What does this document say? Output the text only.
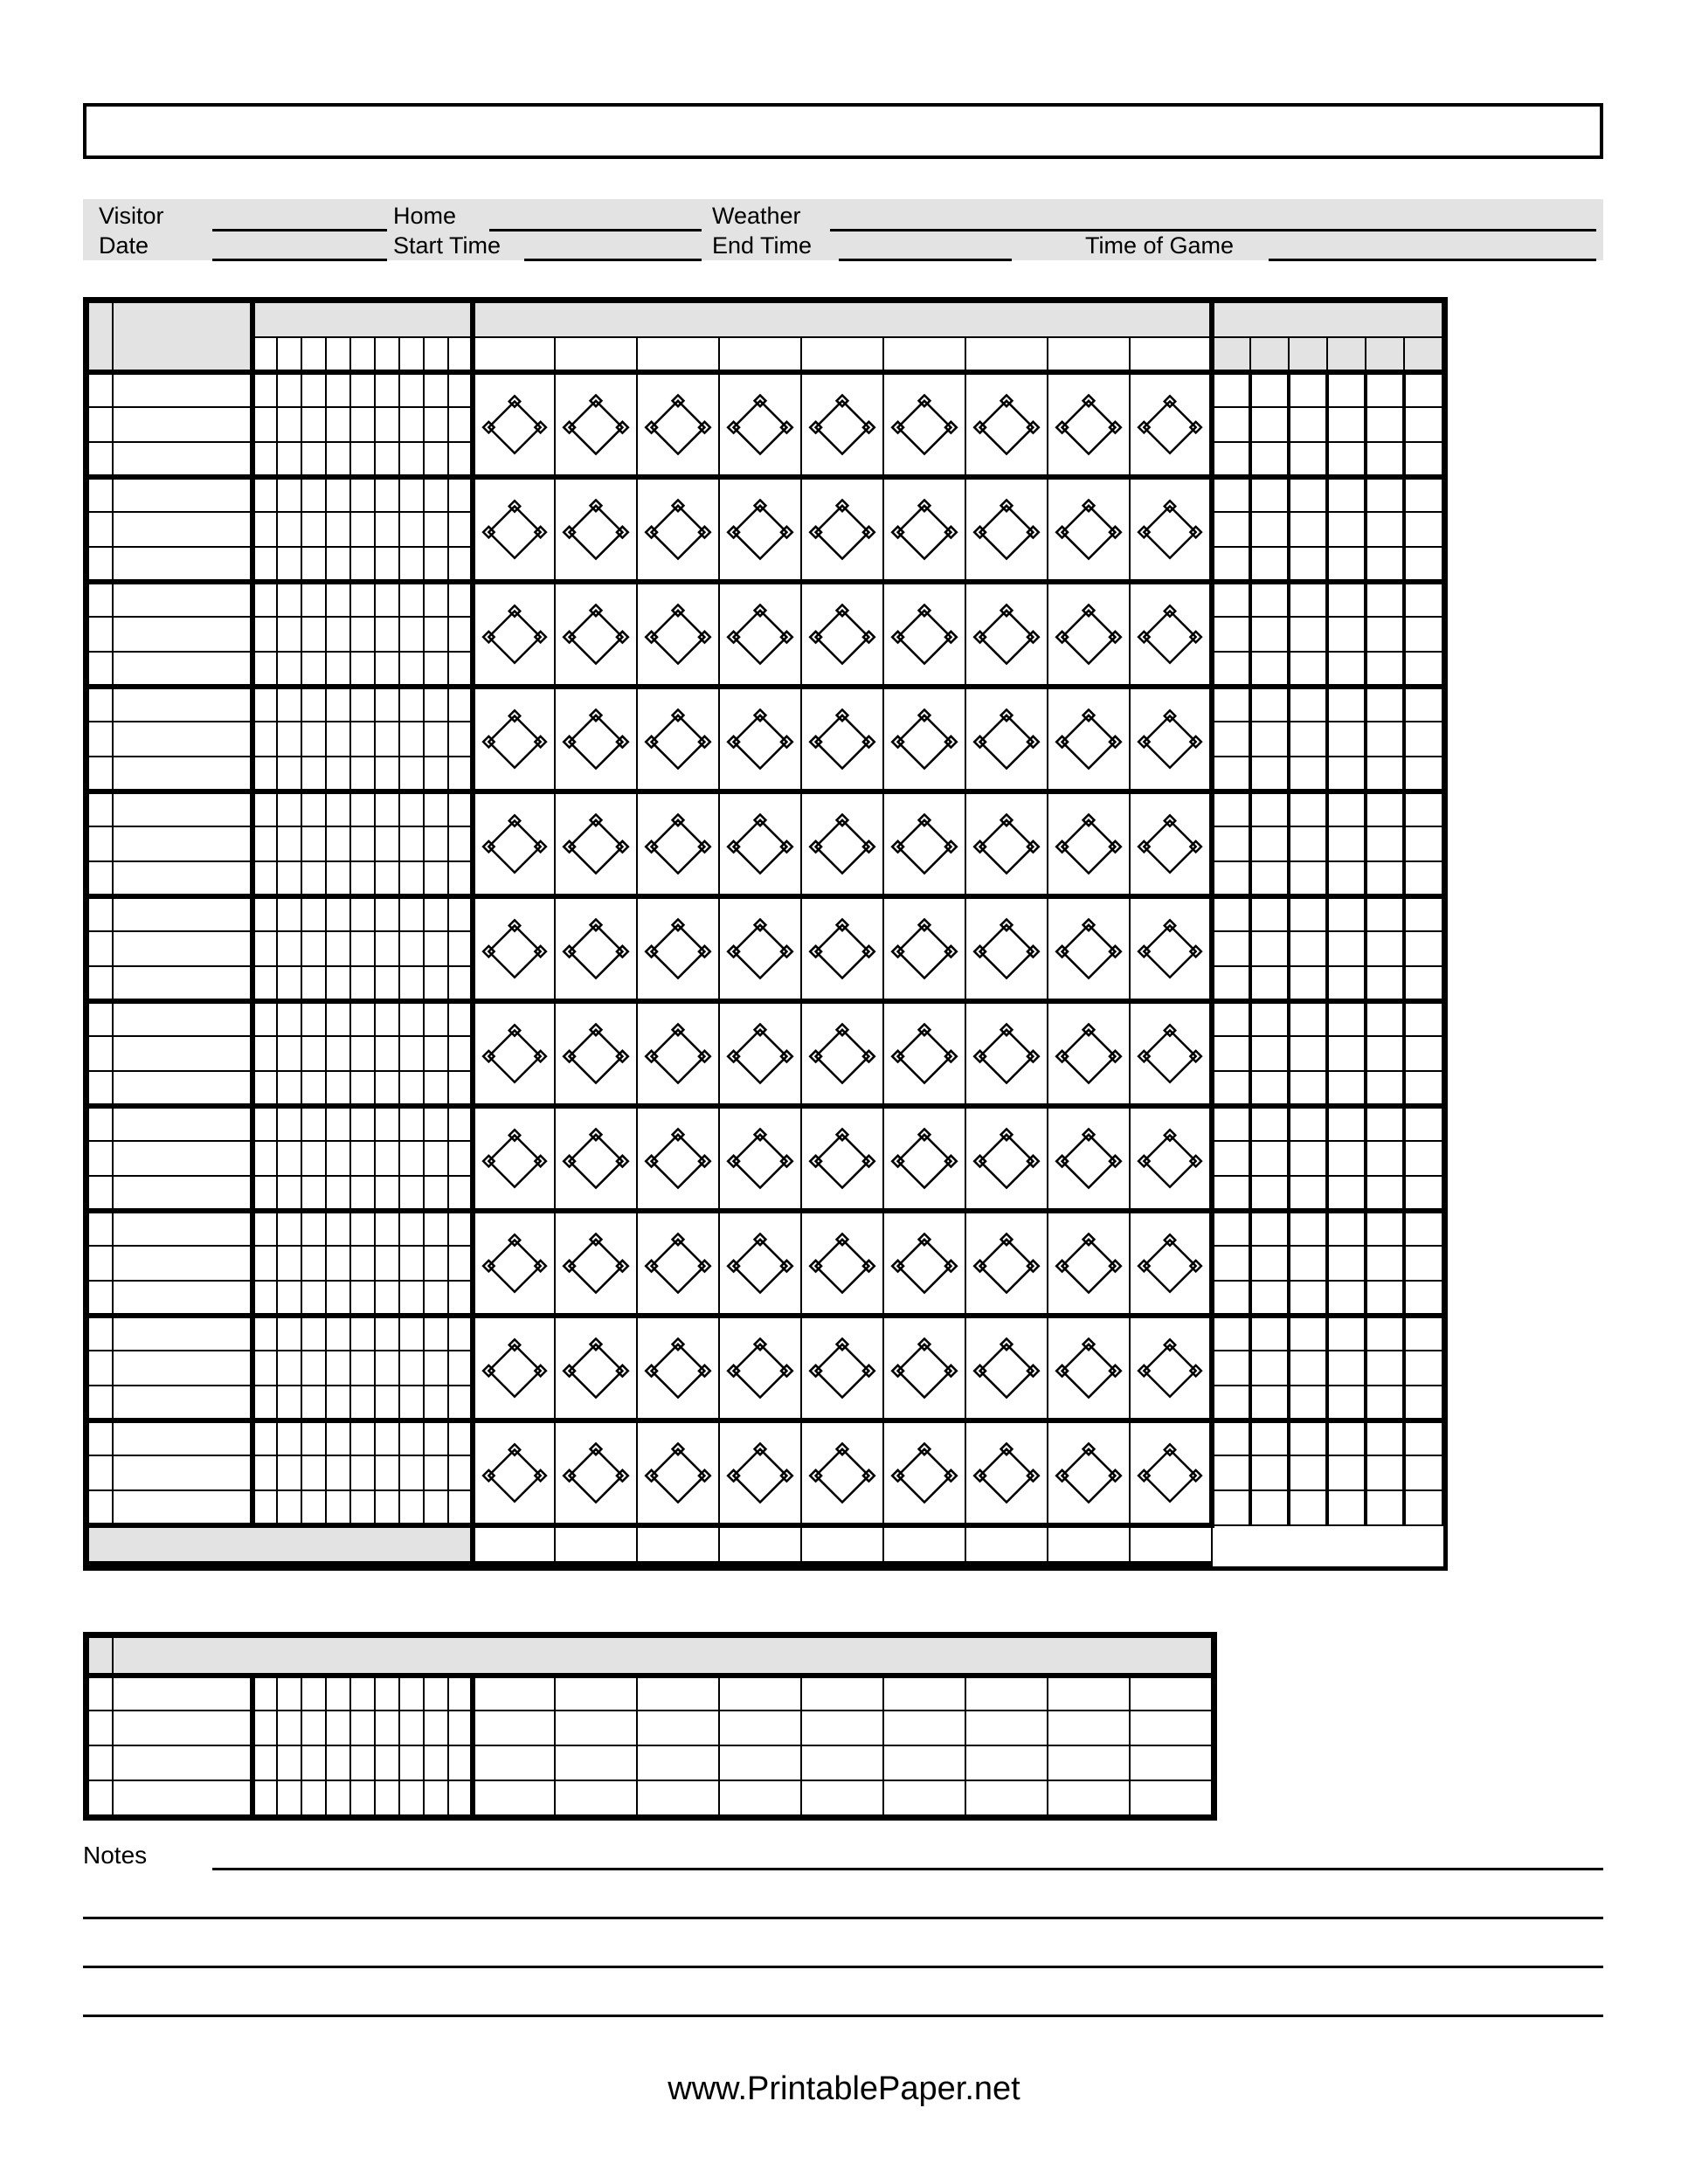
Visitor	Home	Weather
Date	Start Time	End Time	Time of Game

Notes
www.PrintablePaper.net
